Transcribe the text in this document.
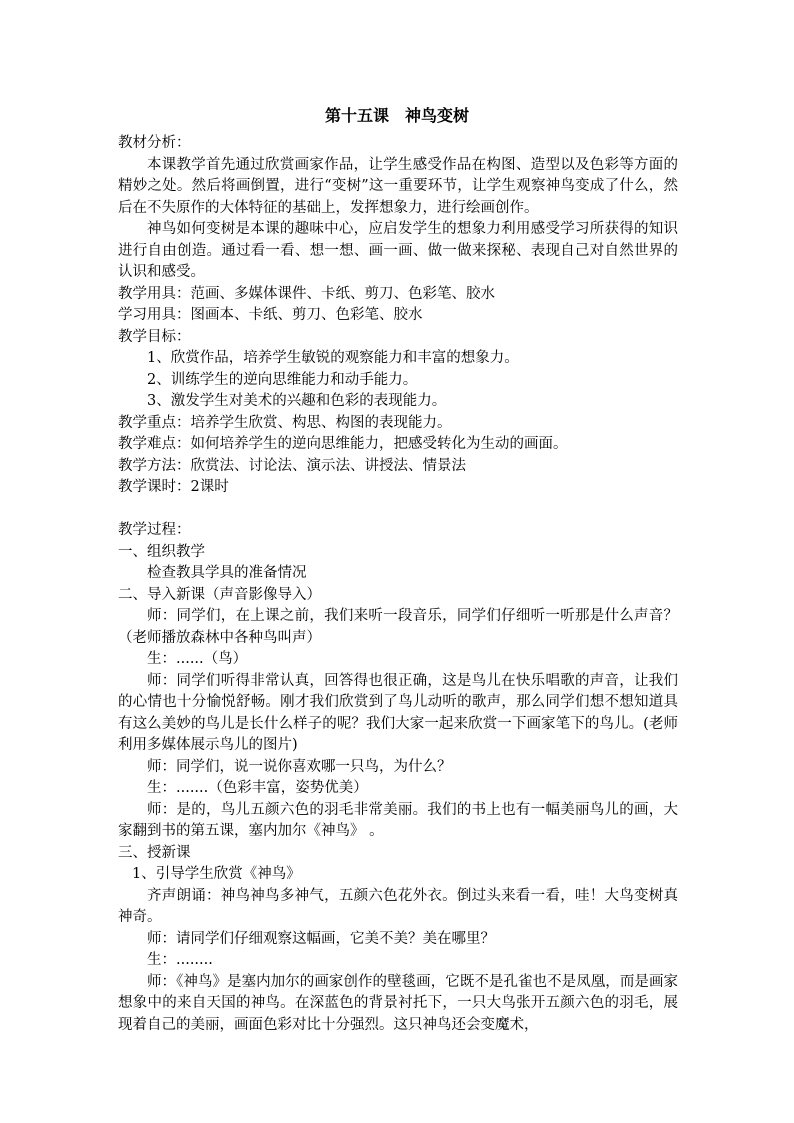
第十五课　神鸟变树

教材分析：

本课教学首先通过欣赏画家作品，让学生感受作品在构图、造型以及色彩等方面的精妙之处。然后将画倒置，进行“变树”这一重要环节，让学生观察神鸟变成了什么，然后在不失原作的大体特征的基础上，发挥想象力，进行绘画创作。

神鸟如何变树是本课的趣味中心，应启发学生的想象力利用感受学习所获得的知识进行自由创造。通过看一看、想一想、画一画、做一做来探秘、表现自己对自然世界的认识和感受。

教学用具：范画、多媒体课件、卡纸、剪刀、色彩笔、胶水

学习用具：图画本、卡纸、剪刀、色彩笔、胶水

教学目标：

1、欣赏作品，培养学生敏锐的观察能力和丰富的想象力。

2、训练学生的逆向思维能力和动手能力。

3、激发学生对美术的兴趣和色彩的表现能力。

教学重点：培养学生欣赏、构思、构图的表现能力。

教学难点：如何培养学生的逆向思维能力，把感受转化为生动的画面。

教学方法：欣赏法、讨论法、演示法、讲授法、情景法

教学课时：2课时

教学过程：

一、组织教学

检查教具学具的准备情况

二、导入新课（声音影像导入）

师：同学们，在上课之前，我们来听一段音乐，同学们仔细听一听那是什么声音？（老师播放森林中各种鸟叫声）

生：......（鸟）

师：同学们听得非常认真，回答得也很正确，这是鸟儿在快乐唱歌的声音，让我们的心情也十分愉悦舒畅。刚才我们欣赏到了鸟儿动听的歌声，那么同学们想不想知道具有这么美妙的鸟儿是长什么样子的呢？我们大家一起来欣赏一下画家笔下的鸟儿。(老师利用多媒体展示鸟儿的图片)

师：同学们，说一说你喜欢哪一只鸟，为什么？

生：.......（色彩丰富，姿势优美）

师：是的，鸟儿五颜六色的羽毛非常美丽。我们的书上也有一幅美丽鸟儿的画，大家翻到书的第五课，塞内加尔《神鸟》 。

三、授新课

1、引导学生欣赏《神鸟》

齐声朗诵：神鸟神鸟多神气，五颜六色花外衣。倒过头来看一看，哇！大鸟变树真神奇。

师：请同学们仔细观察这幅画，它美不美？美在哪里？

生：........

师：《神鸟》是塞内加尔的画家创作的壁毯画，它既不是孔雀也不是凤凰，而是画家想象中的来自天国的神鸟。在深蓝色的背景衬托下，一只大鸟张开五颜六色的羽毛，展现着自己的美丽，画面色彩对比十分强烈。这只神鸟还会变魔术，
